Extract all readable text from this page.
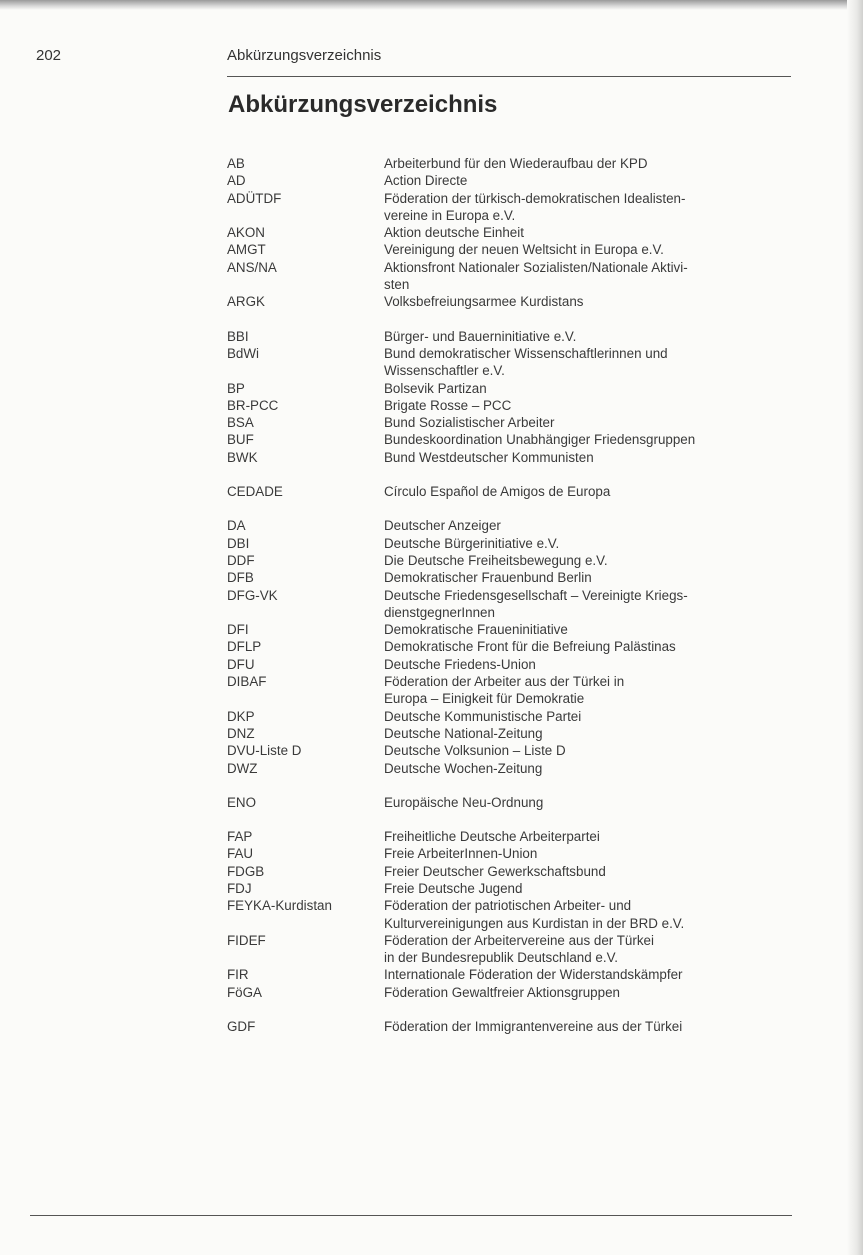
202	Abkürzungsverzeichnis
Abkürzungsverzeichnis
AB	Arbeiterbund für den Wiederaufbau der KPD
AD	Action Directe
ADÜTDF	Föderation der türkisch-demokratischen Idealisten-
vereine in Europa e.V.
AKON	Aktion deutsche Einheit
AMGT	Vereinigung der neuen Weltsicht in Europa e.V.
ANS/NA	Aktionsfront Nationaler Sozialisten/Nationale Aktivi-
sten
ARGK	Volksbefreiungsarmee Kurdistans
BBI	Bürger- und Bauerninitiative e.V.
BdWi	Bund demokratischer Wissenschaftlerinnen und
Wissenschaftler e.V.
BP	Bolsevik Partizan
BR-PCC	Brigate Rosse – PCC
BSA	Bund Sozialistischer Arbeiter
BUF	Bundeskoordination Unabhängiger Friedensgruppen
BWK	Bund Westdeutscher Kommunisten
CEDADE	Círculo Español de Amigos de Europa
DA	Deutscher Anzeiger
DBI	Deutsche Bürgerinitiative e.V.
DDF	Die Deutsche Freiheitsbewegung e.V.
DFB	Demokratischer Frauenbund Berlin
DFG-VK	Deutsche Friedensgesellschaft – Vereinigte Kriegs-
dienstgegnerInnen
DFI	Demokratische Fraueninitiative
DFLP	Demokratische Front für die Befreiung Palästinas
DFU	Deutsche Friedens-Union
DIBAF	Föderation der Arbeiter aus der Türkei in
Europa – Einigkeit für Demokratie
DKP	Deutsche Kommunistische Partei
DNZ	Deutsche National-Zeitung
DVU-Liste D	Deutsche Volksunion – Liste D
DWZ	Deutsche Wochen-Zeitung
ENO	Europäische Neu-Ordnung
FAP	Freiheitliche Deutsche Arbeiterpartei
FAU	Freie ArbeiterInnen-Union
FDGB	Freier Deutscher Gewerkschaftsbund
FDJ	Freie Deutsche Jugend
FEYKA-Kurdistan	Föderation der patriotischen Arbeiter- und
Kulturvereinigungen aus Kurdistan in der BRD e.V.
FIDEF	Föderation der Arbeitervereine aus der Türkei
in der Bundesrepublik Deutschland e.V.
FIR	Internationale Föderation der Widerstandskämpfer
FöGA	Föderation Gewaltfreier Aktionsgruppen
GDF	Föderation der Immigrantenvereine aus der Türkei
